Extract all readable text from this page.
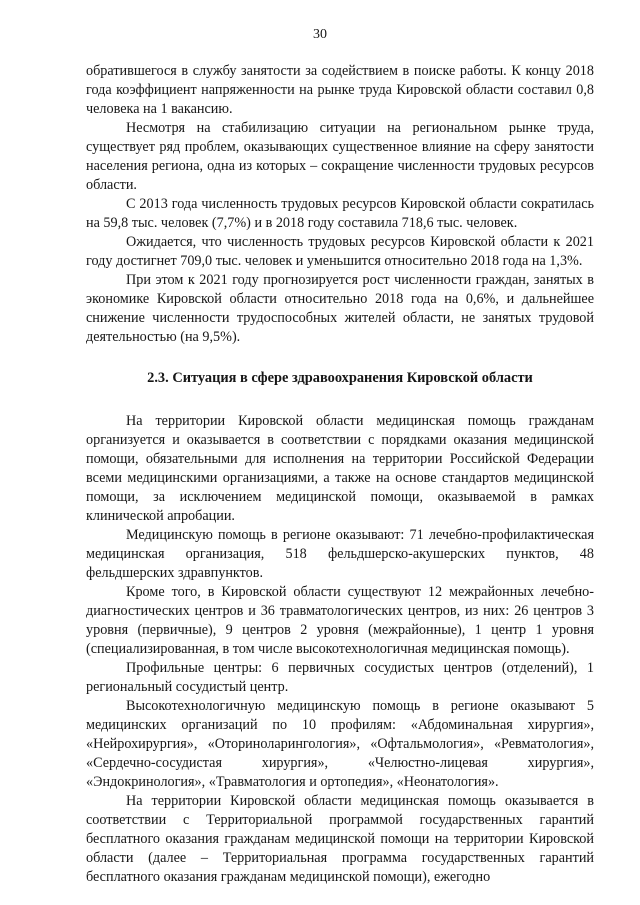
30

обратившегося в службу занятости за содействием в поиске работы. К концу 2018 года коэффициент напряженности на рынке труда Кировской области составил 0,8 человека на 1 вакансию.

Несмотря на стабилизацию ситуации на региональном рынке труда, существует ряд проблем, оказывающих существенное влияние на сферу занятости населения региона, одна из которых – сокращение численности трудовых ресурсов области.

С 2013 года численность трудовых ресурсов Кировской области сократилась на 59,8 тыс. человек (7,7%) и в 2018 году составила 718,6 тыс. человек.

Ожидается, что численность трудовых ресурсов Кировской области к 2021 году достигнет 709,0 тыс. человек и уменьшится относительно 2018 года на 1,3%.

При этом к 2021 году прогнозируется рост численности граждан, занятых в экономике Кировской области относительно 2018 года на 0,6%, и дальнейшее снижение численности трудоспособных жителей области, не занятых трудовой деятельностью (на 9,5%).

2.3. Ситуация в сфере здравоохранения Кировской области

На территории Кировской области медицинская помощь гражданам организуется и оказывается в соответствии с порядками оказания медицинской помощи, обязательными для исполнения на территории Российской Федерации всеми медицинскими организациями, а также на основе стандартов медицинской помощи, за исключением медицинской помощи, оказываемой в рамках клинической апробации.

Медицинскую помощь в регионе оказывают: 71 лечебно-профилактическая медицинская организация, 518 фельдшерско-акушерских пунктов, 48 фельдшерских здравпунктов.

Кроме того, в Кировской области существуют 12 межрайонных лечебно-диагностических центров и 36 травматологических центров, из них: 26 центров 3 уровня (первичные), 9 центров 2 уровня (межрайонные), 1 центр 1 уровня (специализированная, в том числе высокотехнологичная медицинская помощь).

Профильные центры: 6 первичных сосудистых центров (отделений), 1 региональный сосудистый центр.

Высокотехнологичную медицинскую помощь в регионе оказывают 5 медицинских организаций по 10 профилям: «Абдоминальная хирургия», «Нейрохирургия», «Оториноларингология», «Офтальмология», «Ревматология», «Сердечно-сосудистая хирургия», «Челюстно-лицевая хирургия», «Эндокринология», «Травматология и ортопедия», «Неонатология».

На территории Кировской области медицинская помощь оказывается в соответствии с Территориальной программой государственных гарантий бесплатного оказания гражданам медицинской помощи на территории Кировской области (далее – Территориальная программа государственных гарантий бесплатного оказания гражданам медицинской помощи), ежегодно
